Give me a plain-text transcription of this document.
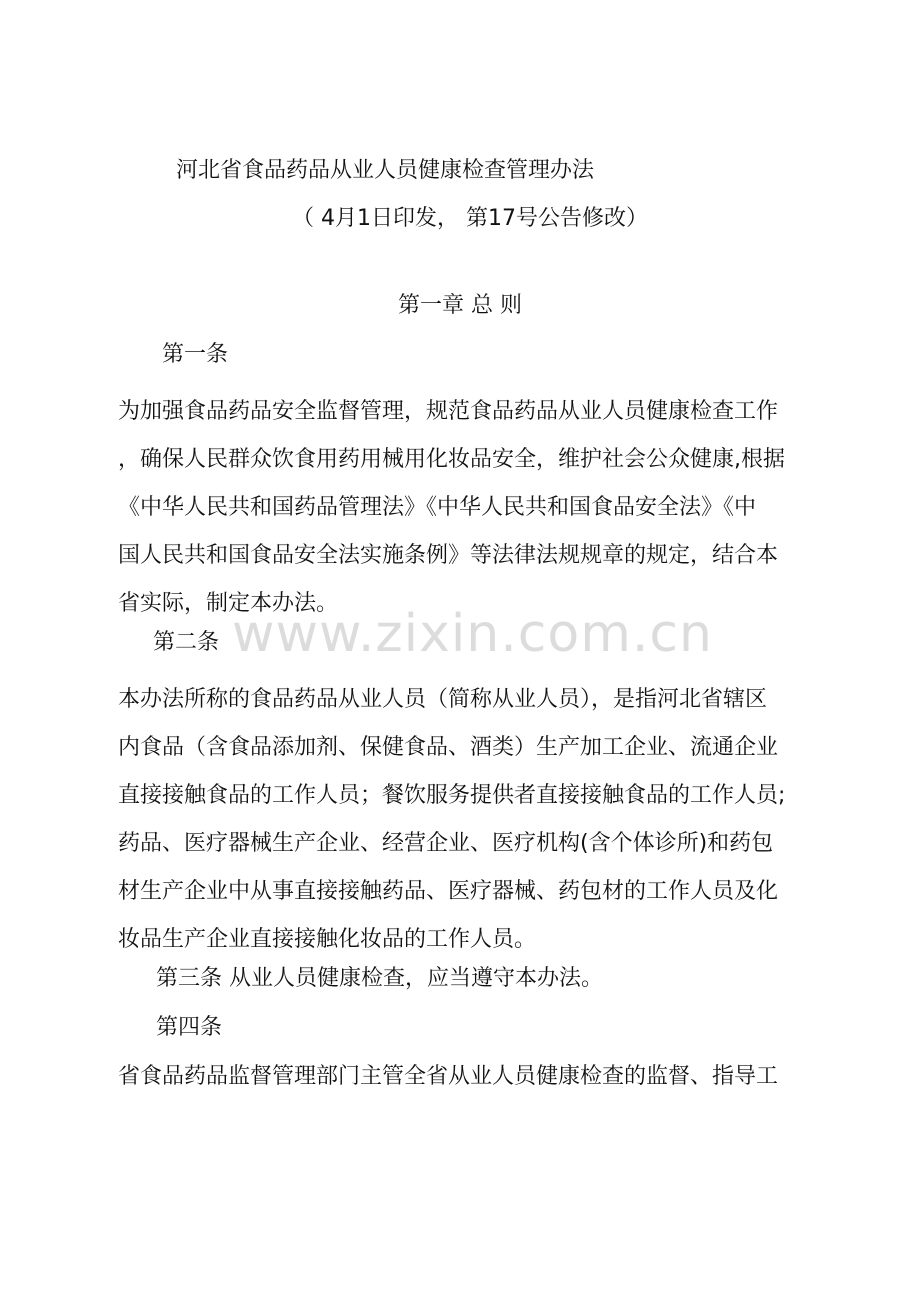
河北省食品药品从业人员健康检查管理办法
（ 4月1日印发， 第17号公告修改）
第一章 总 则
第一条
为加强食品药品安全监督管理，规范食品药品从业人员健康检查工作
，确保人民群众饮食用药用械用化妆品安全，维护社会公众健康,根据
《中华人民共和国药品管理法》《中华人民共和国食品安全法》《中
国人民共和国食品安全法实施条例》等法律法规规章的规定，结合本
省实际，制定本办法。
www.zixin.com.cn
第二条
本办法所称的食品药品从业人员（简称从业人员），是指河北省辖区
内食品（含食品添加剂、保健食品、酒类）生产加工企业、流通企业
直接接触食品的工作人员；餐饮服务提供者直接接触食品的工作人员;
药品、医疗器械生产企业、经营企业、医疗机构(含个体诊所)和药包
材生产企业中从事直接接触药品、医疗器械、药包材的工作人员及化
妆品生产企业直接接触化妆品的工作人员。
第三条 从业人员健康检查，应当遵守本办法。
第四条
省食品药品监督管理部门主管全省从业人员健康检查的监督、指导工
